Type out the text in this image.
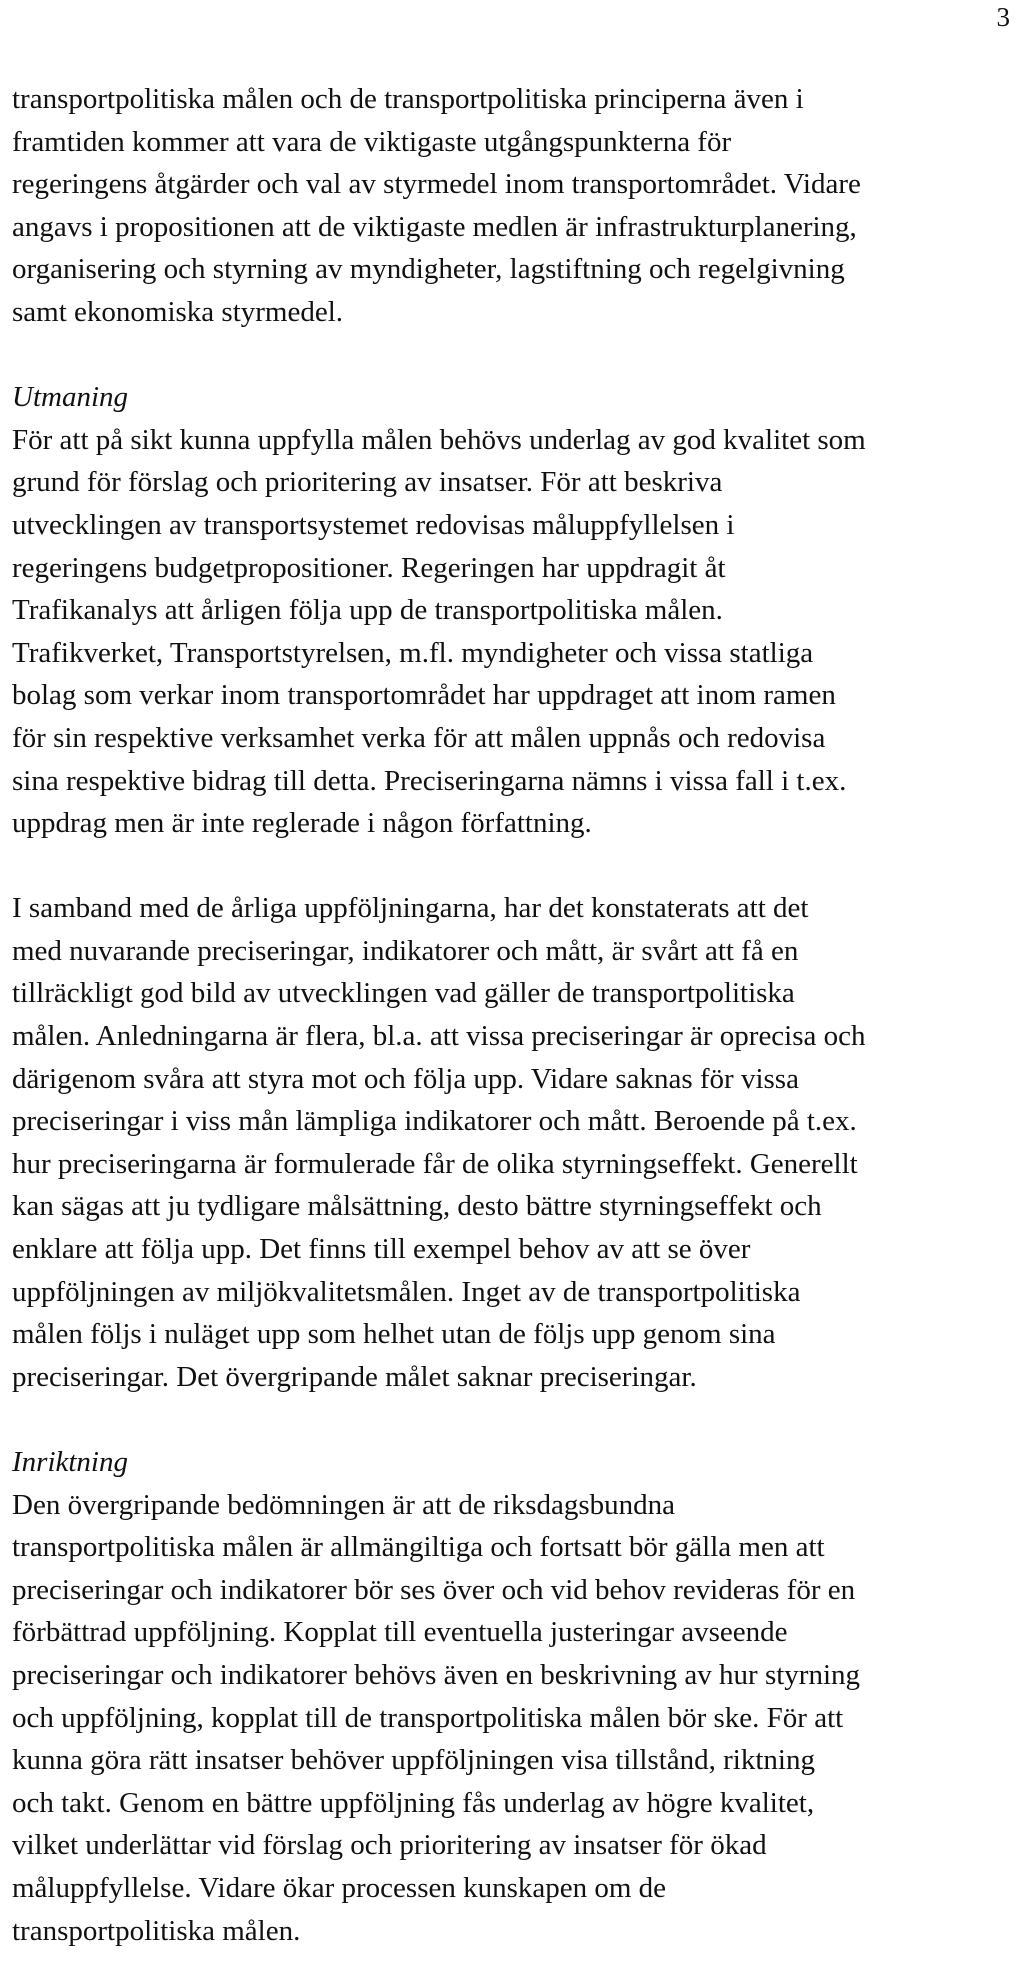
3
transportpolitiska målen och de transportpolitiska principerna även i
framtiden kommer att vara de viktigaste utgångspunkterna för
regeringens åtgärder och val av styrmedel inom transportområdet. Vidare
angavs i propositionen att de viktigaste medlen är infrastrukturplanering,
organisering och styrning av myndigheter, lagstiftning och regelgivning
samt ekonomiska styrmedel.
Utmaning
För att på sikt kunna uppfylla målen behövs underlag av god kvalitet som
grund för förslag och prioritering av insatser. För att beskriva
utvecklingen av transportsystemet redovisas måluppfyllelsen i
regeringens budgetpropositioner. Regeringen har uppdragit åt
Trafikanalys att årligen följa upp de transportpolitiska målen.
Trafikverket, Transportstyrelsen, m.fl. myndigheter och vissa statliga
bolag som verkar inom transportområdet har uppdraget att inom ramen
för sin respektive verksamhet verka för att målen uppnås och redovisa
sina respektive bidrag till detta. Preciseringarna nämns i vissa fall i t.ex.
uppdrag men är inte reglerade i någon författning.
I samband med de årliga uppföljningarna, har det konstaterats att det
med nuvarande preciseringar, indikatorer och mått, är svårt att få en
tillräckligt god bild av utvecklingen vad gäller de transportpolitiska
målen. Anledningarna är flera, bl.a. att vissa preciseringar är oprecisa och
därigenom svåra att styra mot och följa upp. Vidare saknas för vissa
preciseringar i viss mån lämpliga indikatorer och mått. Beroende på t.ex.
hur preciseringarna är formulerade får de olika styrningseffekt. Generellt
kan sägas att ju tydligare målsättning, desto bättre styrningseffekt och
enklare att följa upp. Det finns till exempel behov av att se över
uppföljningen av miljökvalitetsmålen. Inget av de transportpolitiska
målen följs i nuläget upp som helhet utan de följs upp genom sina
preciseringar. Det övergripande målet saknar preciseringar.
Inriktning
Den övergripande bedömningen är att de riksdagsbundna
transportpolitiska målen är allmängiltiga och fortsatt bör gälla men att
preciseringar och indikatorer bör ses över och vid behov revideras för en
förbättrad uppföljning. Kopplat till eventuella justeringar avseende
preciseringar och indikatorer behövs även en beskrivning av hur styrning
och uppföljning, kopplat till de transportpolitiska målen bör ske. För att
kunna göra rätt insatser behöver uppföljningen visa tillstånd, riktning
och takt. Genom en bättre uppföljning fås underlag av högre kvalitet,
vilket underlättar vid förslag och prioritering av insatser för ökad
måluppfyllelse. Vidare ökar processen kunskapen om de
transportpolitiska målen.
